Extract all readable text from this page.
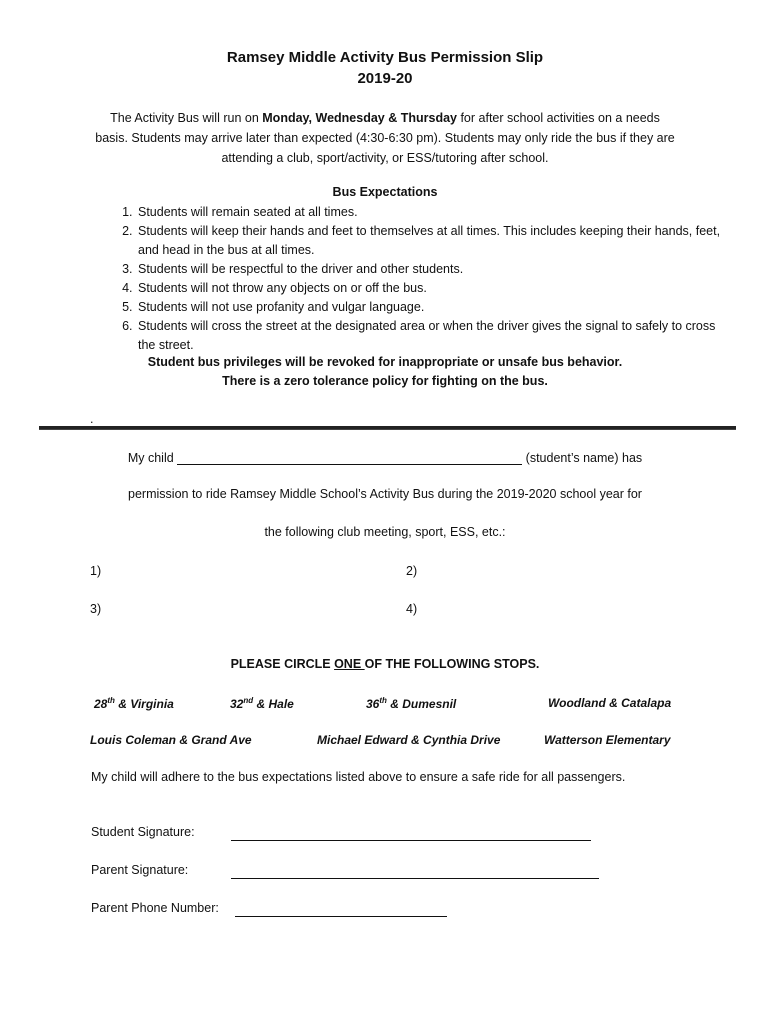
Ramsey Middle Activity Bus Permission Slip
2019-20
The Activity Bus will run on Monday, Wednesday & Thursday for after school activities on a needs basis. Students may arrive later than expected (4:30-6:30 pm). Students may only ride the bus if they are attending a club, sport/activity, or ESS/tutoring after school.
Bus Expectations
1. Students will remain seated at all times.
2. Students will keep their hands and feet to themselves at all times. This includes keeping their hands, feet, and head in the bus at all times.
3. Students will be respectful to the driver and other students.
4. Students will not throw any objects on or off the bus.
5. Students will not use profanity and vulgar language.
6. Students will cross the street at the designated area or when the driver gives the signal to safely to cross the street.
Student bus privileges will be revoked for inappropriate or unsafe bus behavior.
There is a zero tolerance policy for fighting on the bus.
.
My child	(student’s name) has
permission to ride Ramsey Middle School’s Activity Bus during the 2019-2020 school year for
the following club meeting, sport, ESS, etc.:
1)	2)
3)	4)
PLEASE CIRCLE ONE OF THE FOLLOWING STOPS.
28th & Virginia	32nd & Hale	36th & Dumesnil	Woodland & Catalapa
Louis Coleman & Grand Ave	Michael Edward & Cynthia Drive	Watterson Elementary
My child will adhere to the bus expectations listed above to ensure a safe ride for all passengers.
Student Signature:
Parent Signature:
Parent Phone Number:
